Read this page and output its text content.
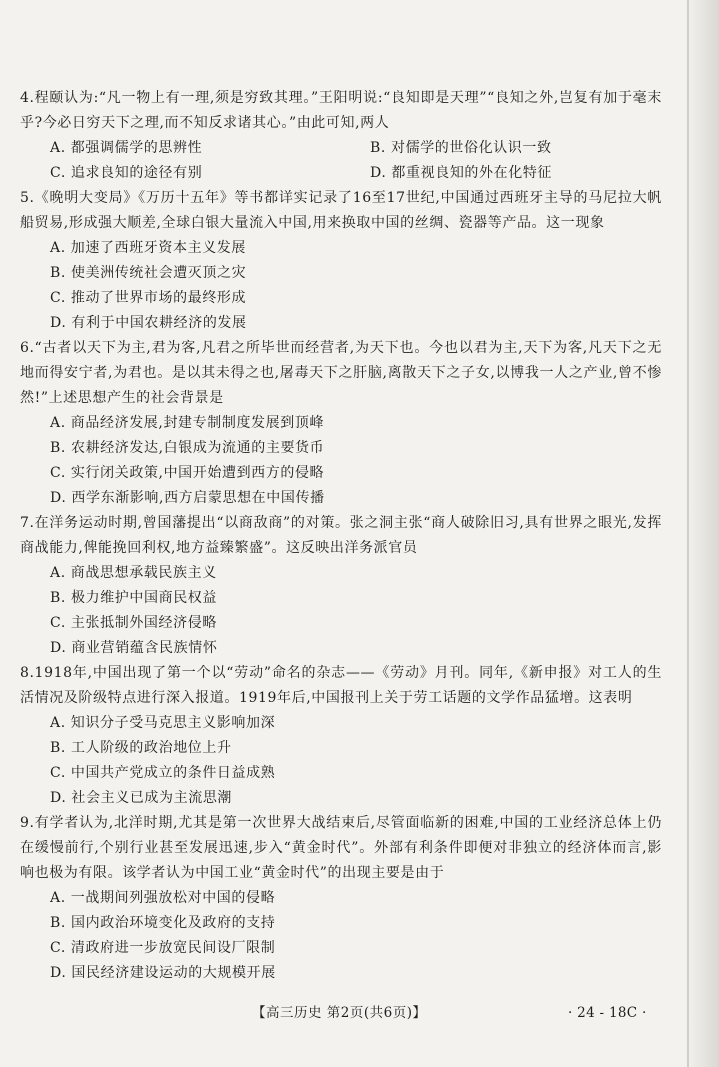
4.程颐认为:“凡一物上有一理,须是穷致其理。”王阳明说:“良知即是天理”“良知之外,岂复有加于毫末乎?今必日穷天下之理,而不知反求诸其心。”由此可知,两人

A. 都强调儒学的思辨性	B. 对儒学的世俗化认识一致
C. 追求良知的途径有别	D. 都重视良知的外在化特征

5.《晚明大变局》《万历十五年》等书都详实记录了16至17世纪,中国通过西班牙主导的马尼拉大帆船贸易,形成强大顺差,全球白银大量流入中国,用来换取中国的丝绸、瓷器等产品。这一现象

A. 加速了西班牙资本主义发展
B. 使美洲传统社会遭灭顶之灾
C. 推动了世界市场的最终形成
D. 有利于中国农耕经济的发展

6.“古者以天下为主,君为客,凡君之所毕世而经营者,为天下也。今也以君为主,天下为客,凡天下之无地而得安宁者,为君也。是以其未得之也,屠毒天下之肝脑,离散天下之子女,以博我一人之产业,曾不惨然!”上述思想产生的社会背景是

A. 商品经济发展,封建专制制度发展到顶峰
B. 农耕经济发达,白银成为流通的主要货币
C. 实行闭关政策,中国开始遭到西方的侵略
D. 西学东渐影响,西方启蒙思想在中国传播

7.在洋务运动时期,曾国藩提出“以商敌商”的对策。张之洞主张“商人破除旧习,具有世界之眼光,发挥商战能力,俾能挽回利权,地方益臻繁盛”。这反映出洋务派官员

A. 商战思想承载民族主义
B. 极力维护中国商民权益
C. 主张抵制外国经济侵略
D. 商业营销蕴含民族情怀

8.1918年,中国出现了第一个以“劳动”命名的杂志——《劳动》月刊。同年,《新申报》对工人的生活情况及阶级特点进行深入报道。1919年后,中国报刊上关于劳工话题的文学作品猛增。这表明

A. 知识分子受马克思主义影响加深
B. 工人阶级的政治地位上升
C. 中国共产党成立的条件日益成熟
D. 社会主义已成为主流思潮

9.有学者认为,北洋时期,尤其是第一次世界大战结束后,尽管面临新的困难,中国的工业经济总体上仍在缓慢前行,个别行业甚至发展迅速,步入“黄金时代”。外部有利条件即便对非独立的经济体而言,影响也极为有限。该学者认为中国工业“黄金时代”的出现主要是由于

A. 一战期间列强放松对中国的侵略
B. 国内政治环境变化及政府的支持
C. 清政府进一步放宽民间设厂限制
D. 国民经济建设运动的大规模开展
【高三历史 第2页(共6页)】	· 24 - 18C ·
